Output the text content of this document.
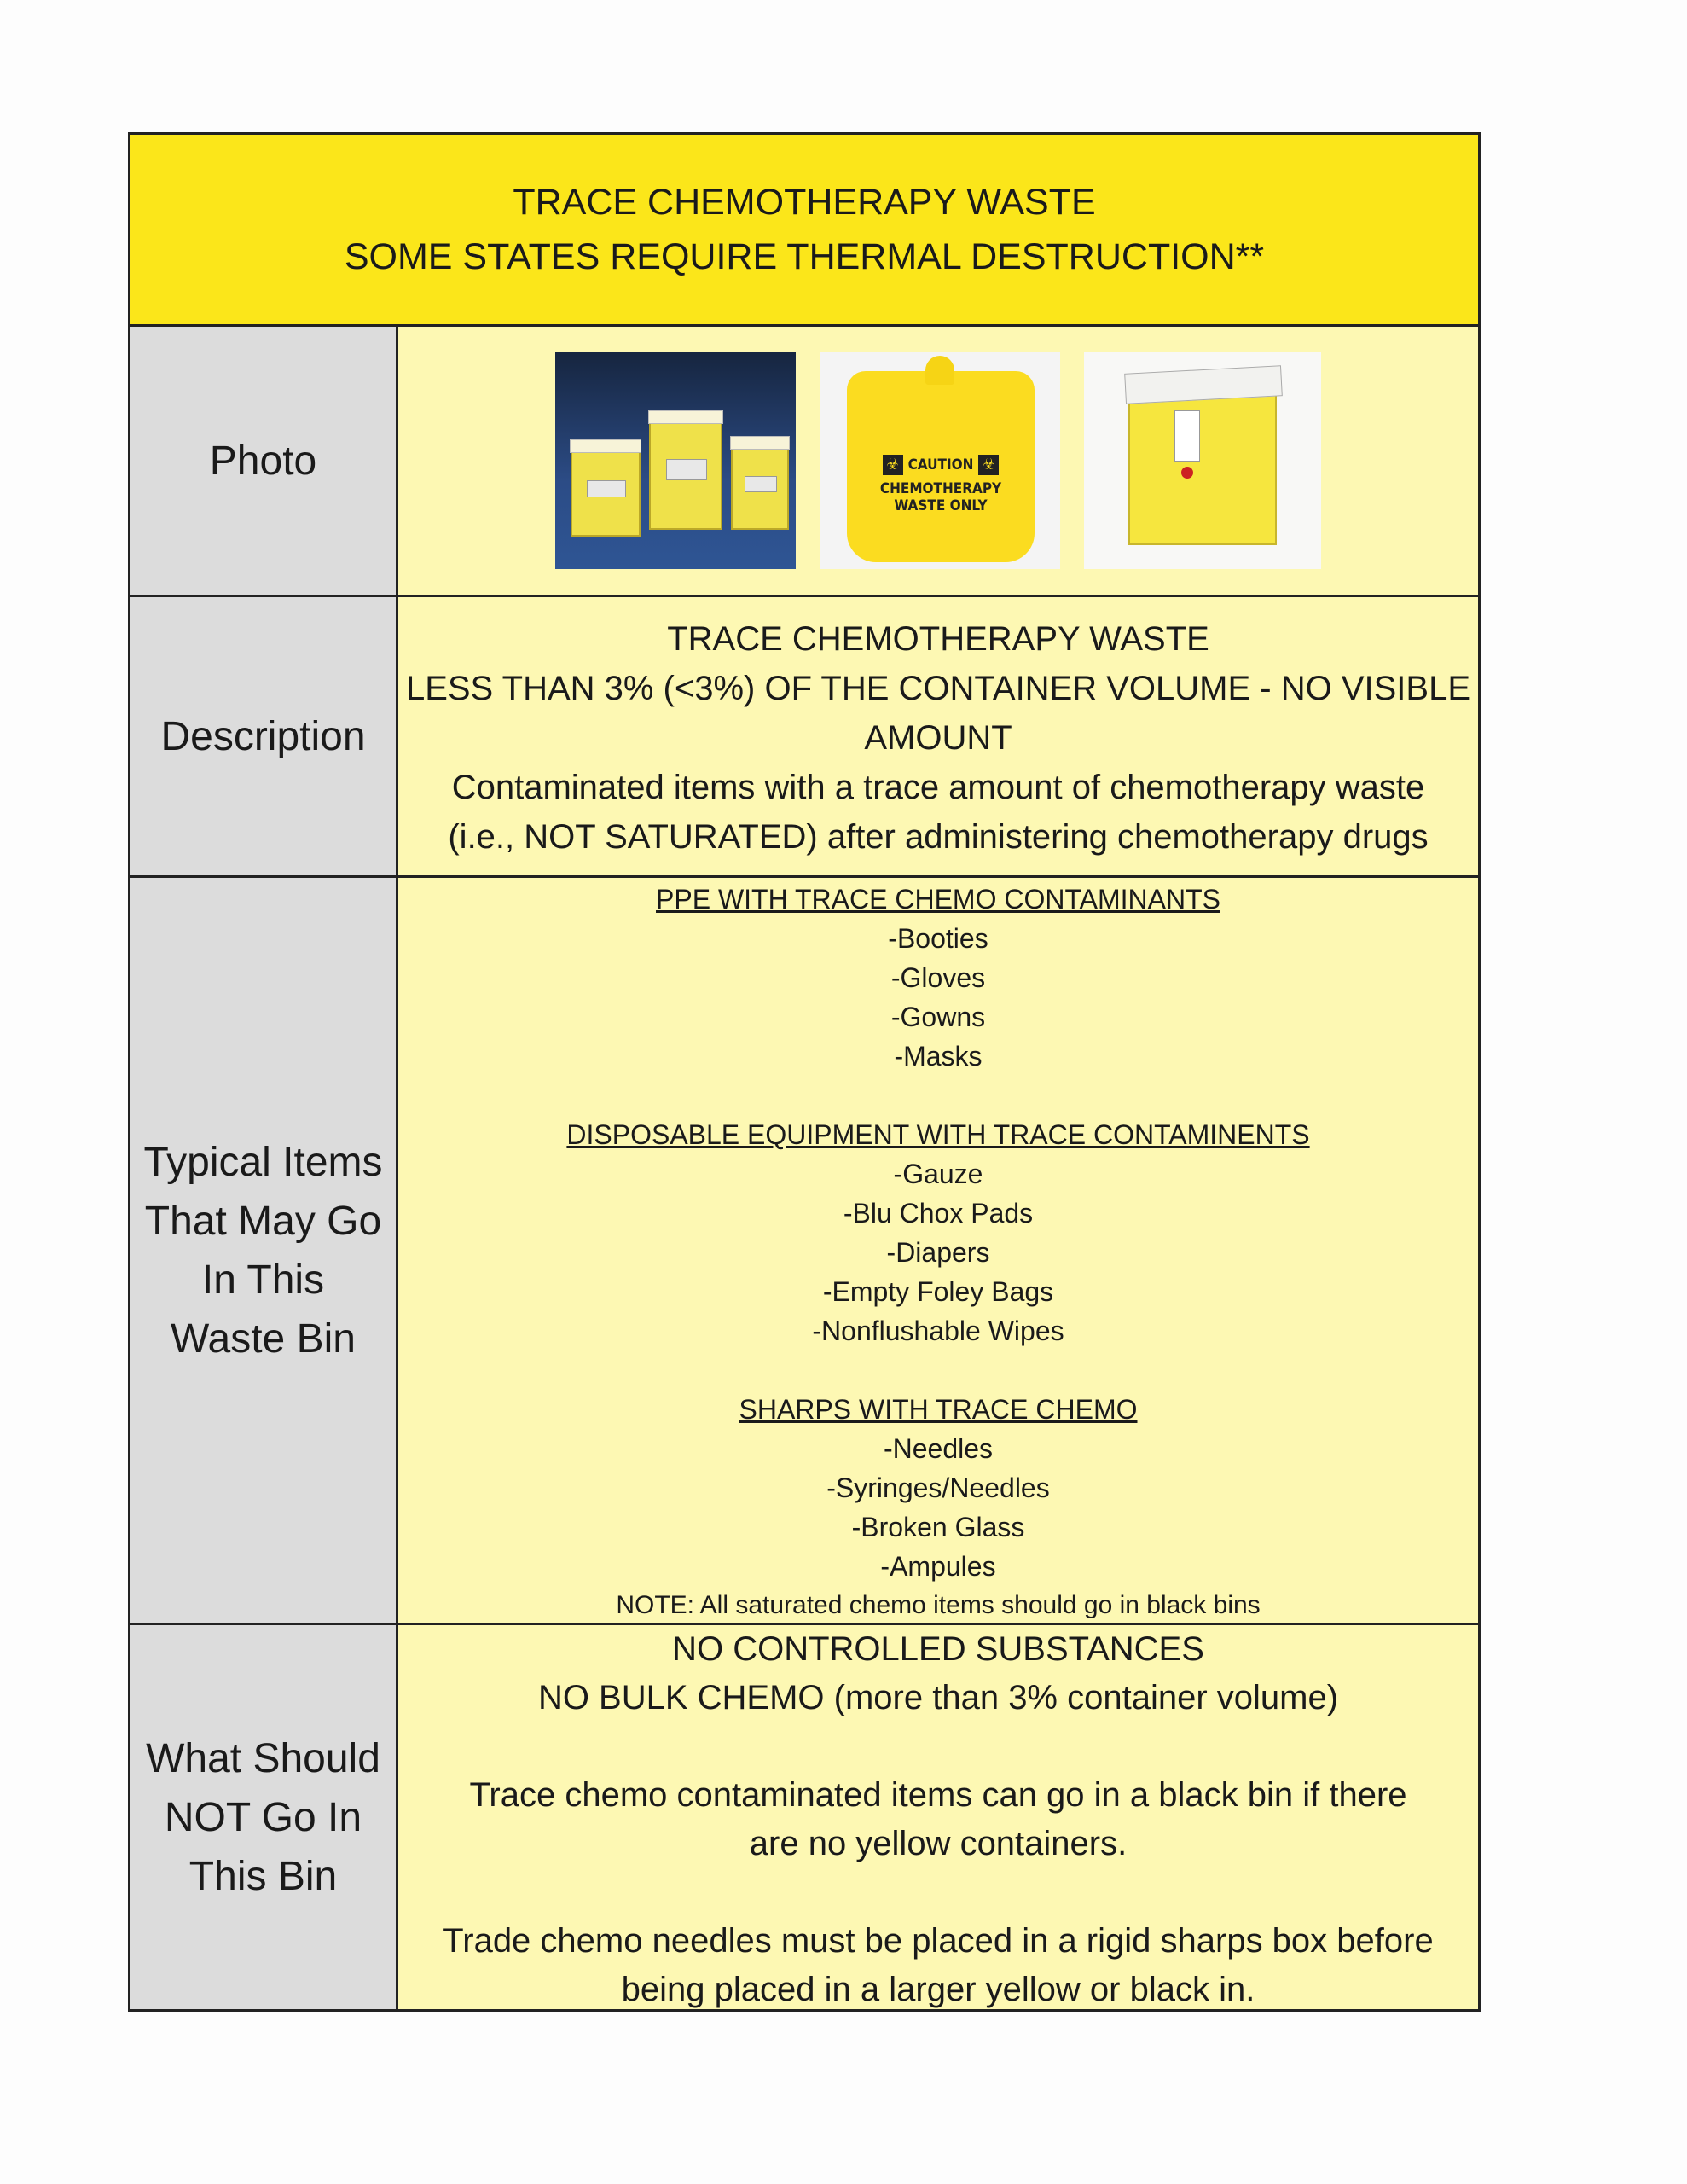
TRACE CHEMOTHERAPY WASTE
SOME STATES REQUIRE THERMAL DESTRUCTION**
Photo	☣ CAUTION ☣
CHEMOTHERAPY
WASTE ONLY
Description
TRACE CHEMOTHERAPY WASTE
LESS THAN 3% (<3%) OF THE CONTAINER VOLUME - NO VISIBLE
AMOUNT
Contaminated items with a trace amount of chemotherapy waste
(i.e., NOT SATURATED) after administering chemotherapy drugs
Typical Items
That May Go
In This
Waste Bin
PPE WITH TRACE CHEMO CONTAMINANTS
-Booties
-Gloves
-Gowns
-Masks
DISPOSABLE EQUIPMENT WITH TRACE CONTAMINENTS
-Gauze
-Blu Chox Pads
-Diapers
-Empty Foley Bags
-Nonflushable Wipes
SHARPS WITH TRACE CHEMO
-Needles
-Syringes/Needles
-Broken Glass
-Ampules
NOTE: All saturated chemo items should go in black bins
What Should
NOT Go In
This Bin
NO CONTROLLED SUBSTANCES
NO BULK CHEMO (more than 3% container volume)
Trace chemo contaminated items can go in a black bin if there
are no yellow containers.
Trade chemo needles must be placed in a rigid sharps box before
being placed in a larger yellow or black in.
